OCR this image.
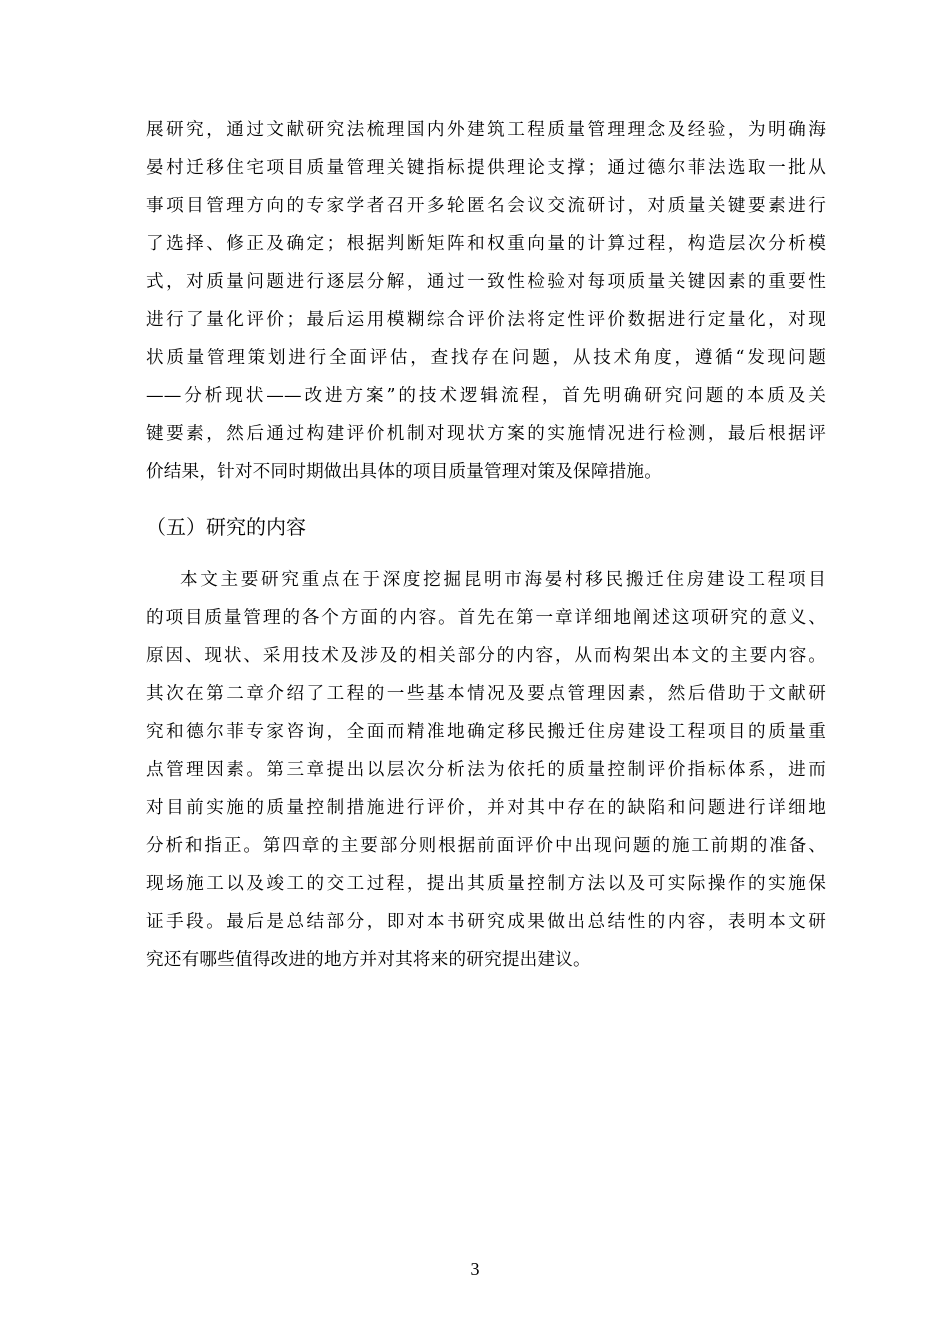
展研究，通过文献研究法梳理国内外建筑工程质量管理理念及经验，为明确海
晏村迁移住宅项目质量管理关键指标提供理论支撑；通过德尔菲法选取一批从
事项目管理方向的专家学者召开多轮匿名会议交流研讨，对质量关键要素进行
了选择、修正及确定；根据判断矩阵和权重向量的计算过程，构造层次分析模
式，对质量问题进行逐层分解，通过一致性检验对每项质量关键因素的重要性
进行了量化评价；最后运用模糊综合评价法将定性评价数据进行定量化，对现
状质量管理策划进行全面评估，查找存在问题，从技术角度，遵循“发现问题
——分析现状——改进方案”的技术逻辑流程，首先明确研究问题的本质及关
键要素，然后通过构建评价机制对现状方案的实施情况进行检测，最后根据评
价结果，针对不同时期做出具体的项目质量管理对策及保障措施。
（五）研究的内容
本文主要研究重点在于深度挖掘昆明市海晏村移民搬迁住房建设工程项目
的项目质量管理的各个方面的内容。首先在第一章详细地阐述这项研究的意义、
原因、现状、采用技术及涉及的相关部分的内容，从而构架出本文的主要内容。
其次在第二章介绍了工程的一些基本情况及要点管理因素，然后借助于文献研
究和德尔菲专家咨询，全面而精准地确定移民搬迁住房建设工程项目的质量重
点管理因素。第三章提出以层次分析法为依托的质量控制评价指标体系，进而
对目前实施的质量控制措施进行评价，并对其中存在的缺陷和问题进行详细地
分析和指正。第四章的主要部分则根据前面评价中出现问题的施工前期的准备、
现场施工以及竣工的交工过程，提出其质量控制方法以及可实际操作的实施保
证手段。最后是总结部分，即对本书研究成果做出总结性的内容，表明本文研
究还有哪些值得改进的地方并对其将来的研究提出建议。
3
